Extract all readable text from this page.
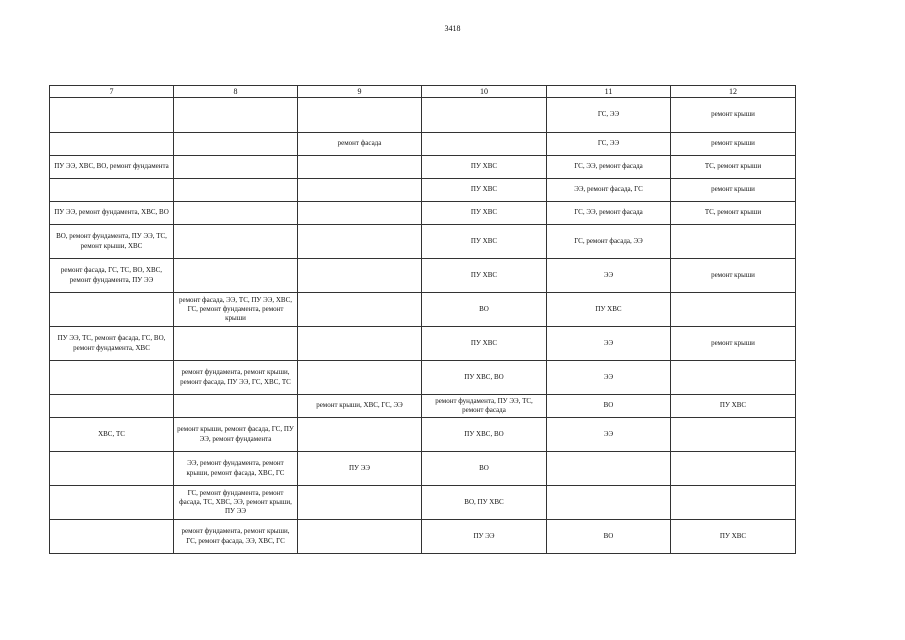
3418
7	8	9	10	11	12
				ГС, ЭЭ	ремонт крыши
		ремонт фасада		ГС, ЭЭ	ремонт крыши
ПУ ЭЭ, ХВС, ВО, ремонт фундамента			ПУ ХВС	ГС, ЭЭ, ремонт фасада	ТС, ремонт крыши
			ПУ ХВС	ЭЭ, ремонт фасада, ГС	ремонт крыши
ПУ ЭЭ, ремонт фундамента, ХВС, ВО			ПУ ХВС	ГС, ЭЭ, ремонт фасада	ТС, ремонт крыши
ВО, ремонт фундамента, ПУ ЭЭ, ТС, ремонт крыши, ХВС			ПУ ХВС	ГС, ремонт фасада, ЭЭ	
ремонт фасада, ГС, ТС, ВО, ХВС, ремонт фундамента, ПУ ЭЭ			ПУ ХВС	ЭЭ	ремонт крыши
	ремонт фасада, ЭЭ, ТС, ПУ ЭЭ, ХВС, ГС, ремонт фундамента, ремонт крыши		ВО	ПУ ХВС	
ПУ ЭЭ, ТС, ремонт фасада, ГС, ВО, ремонт фундамента, ХВС			ПУ ХВС	ЭЭ	ремонт крыши
	ремонт фундамента, ремонт крыши, ремонт фасада, ПУ ЭЭ, ГС, ХВС, ТС		ПУ ХВС, ВО	ЭЭ	
		ремонт крыши, ХВС, ГС, ЭЭ	ремонт фундамента, ПУ ЭЭ, ТС, ремонт фасада	ВО	ПУ ХВС
ХВС, ТС	ремонт крыши, ремонт фасада, ГС, ПУ ЭЭ, ремонт фундамента		ПУ ХВС, ВО	ЭЭ	
	ЭЭ, ремонт фундамента, ремонт крыши, ремонт фасада, ХВС, ГС	ПУ ЭЭ	ВО		
	ГС, ремонт фундамента, ремонт фасада, ТС, ХВС, ЭЭ, ремонт крыши, ПУ ЭЭ		ВО, ПУ ХВС		
	ремонт фундамента, ремонт крыши, ГС, ремонт фасада, ЭЭ, ХВС, ГС		ПУ ЭЭ	ВО	ПУ ХВС
